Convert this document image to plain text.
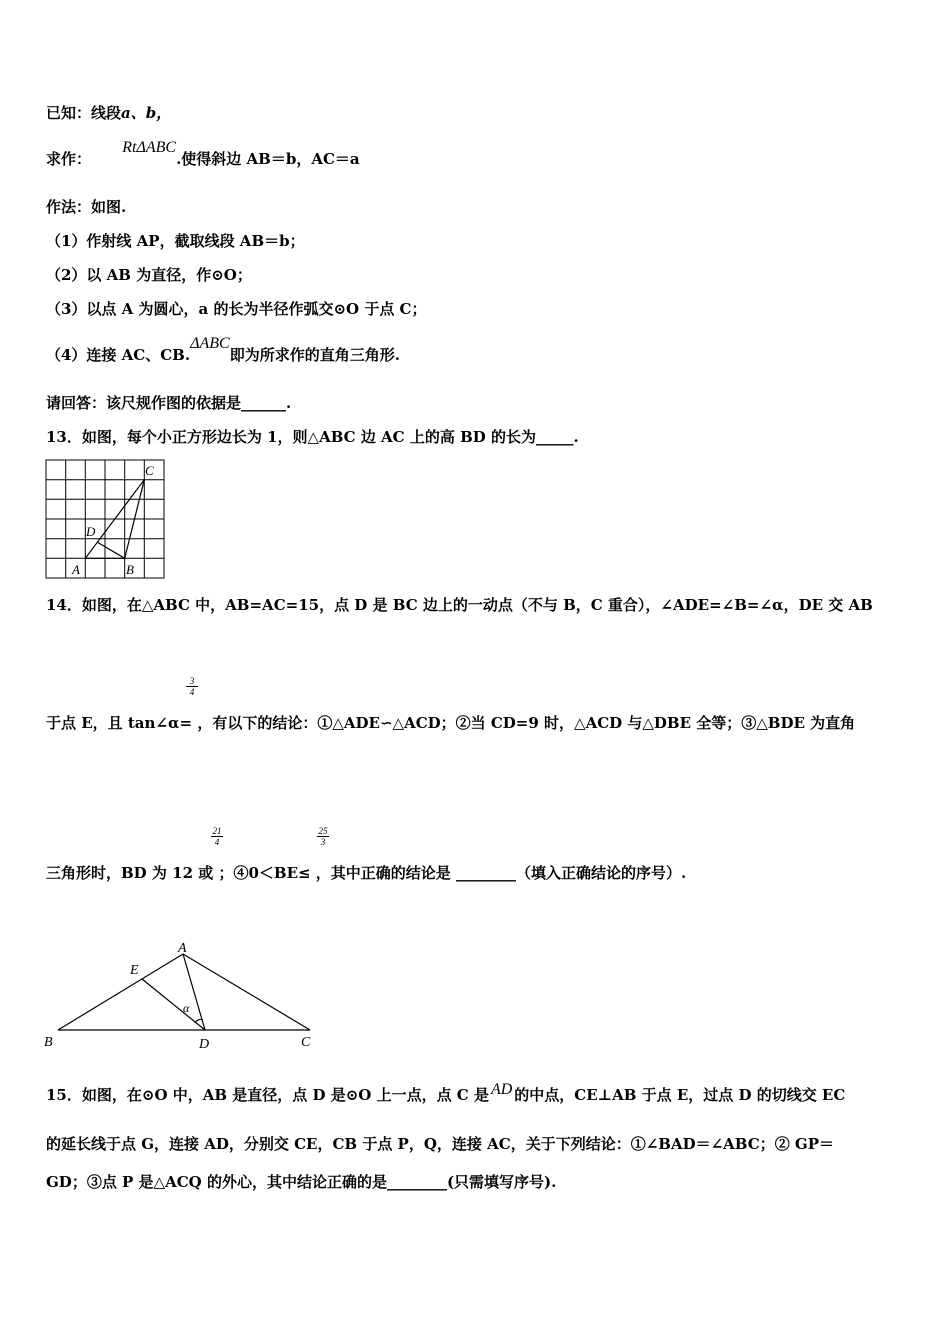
已知：线段a、b，
求作： RtΔABC.使得斜边 AB＝b，AC＝a
作法：如图.
（1）作射线 AP，截取线段 AB＝b；
（2）以 AB 为直径，作⊙O；
（3）以点 A 为圆心，a 的长为半径作弧交⊙O 于点 C；
（4）连接 AC、CB.ΔABC即为所求作的直角三角形.
请回答：该尺规作图的依据是______.
13．如图，每个小正方形边长为 1，则△ABC 边 AC 上的高 BD 的长为_____.
A	B
C
D
14．如图，在△ABC 中，AB=AC=15，点 D 是 BC 边上的一动点（不与 B，C 重合），∠ADE=∠B=∠α，DE 交 AB
$\frac{3}{4}$
于点 E，且 tan∠α= ，有以下的结论：①△ADE∽△ACD；②当 CD=9 时，△ACD 与△DBE 全等；③△BDE 为直角
$\frac{21}{4}$	$\frac{25}{3}$
三角形时，BD 为 12 或 ；④0＜BE≤ ，其中正确的结论是 ________（填入正确结论的序号）.
A
B	C
D
E
α
15．如图，在⊙O 中，AB 是直径，点 D 是⊙O 上一点，点 C 是 AD 的中点，CE⊥AB 于点 E，过点 D 的切线交 EC
的延长线于点 G，连接 AD，分别交 CE，CB 于点 P，Q，连接 AC，关于下列结论：①∠BAD＝∠ABC；② GP＝
GD；③点 P 是△ACQ 的外心，其中结论正确的是________(只需填写序号).
